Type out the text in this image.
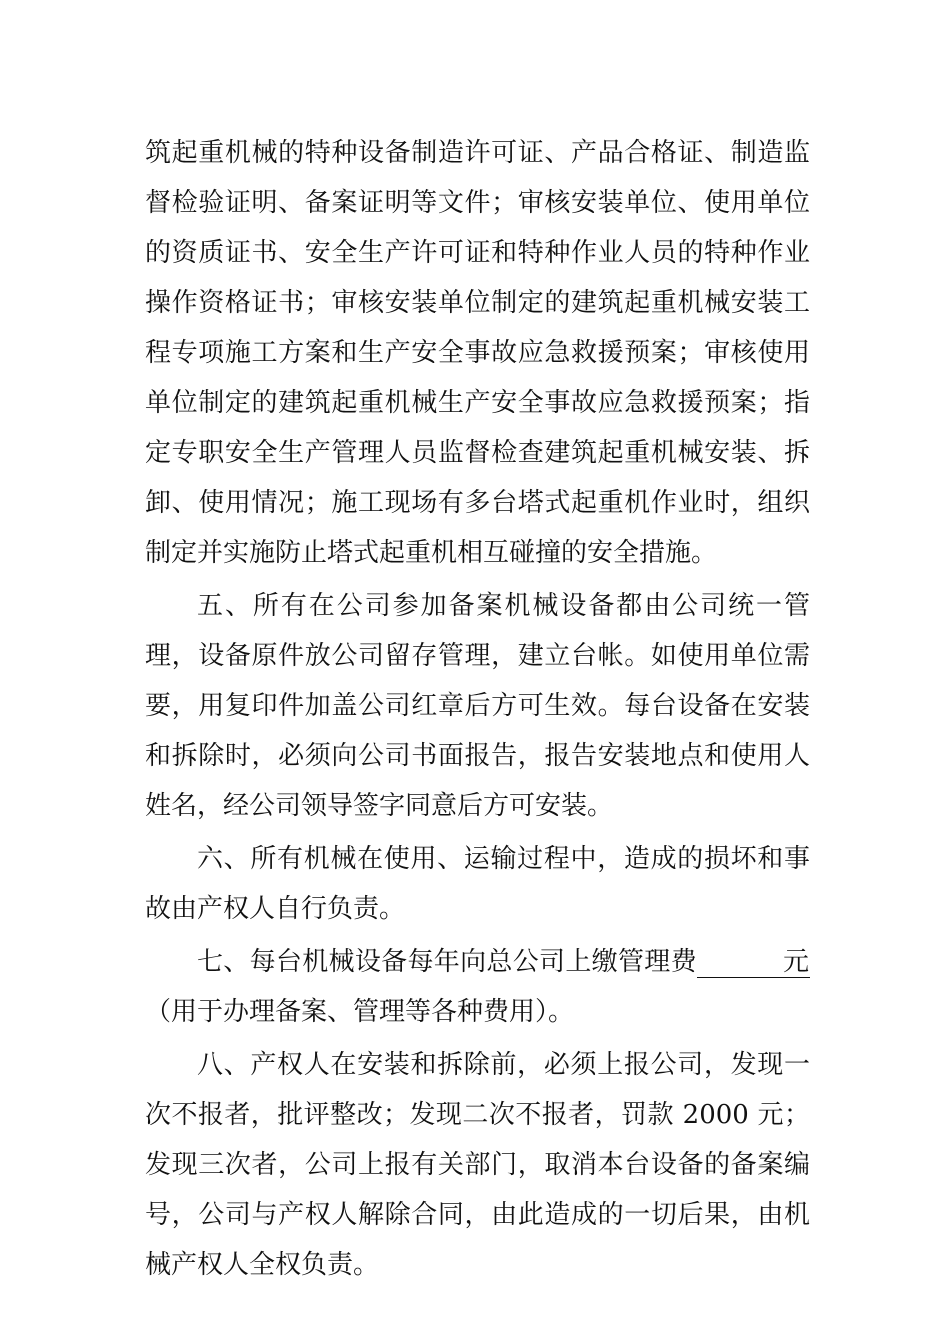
筑起重机械的特种设备制造许可证、产品合格证、制造监督检验证明、备案证明等文件；审核安装单位、使用单位的资质证书、安全生产许可证和特种作业人员的特种作业操作资格证书；审核安装单位制定的建筑起重机械安装工程专项施工方案和生产安全事故应急救援预案；审核使用单位制定的建筑起重机械生产安全事故应急救援预案；指定专职安全生产管理人员监督检查建筑起重机械安装、拆卸、使用情况；施工现场有多台塔式起重机作业时，组织制定并实施防止塔式起重机相互碰撞的安全措施。

五、所有在公司参加备案机械设备都由公司统一管理，设备原件放公司留存管理，建立台帐。如使用单位需要，用复印件加盖公司红章后方可生效。每台设备在安装和拆除时，必须向公司书面报告，报告安装地点和使用人姓名，经公司领导签字同意后方可安装。

六、所有机械在使用、运输过程中，造成的损坏和事故由产权人自行负责。

七、每台机械设备每年向总公司上缴管理费    元（用于办理备案、管理等各种费用）。

八、产权人在安装和拆除前，必须上报公司，发现一次不报者，批评整改；发现二次不报者，罚款 2000 元；发现三次者，公司上报有关部门，取消本台设备的备案编号，公司与产权人解除合同，由此造成的一切后果，由机械产权人全权负责。
